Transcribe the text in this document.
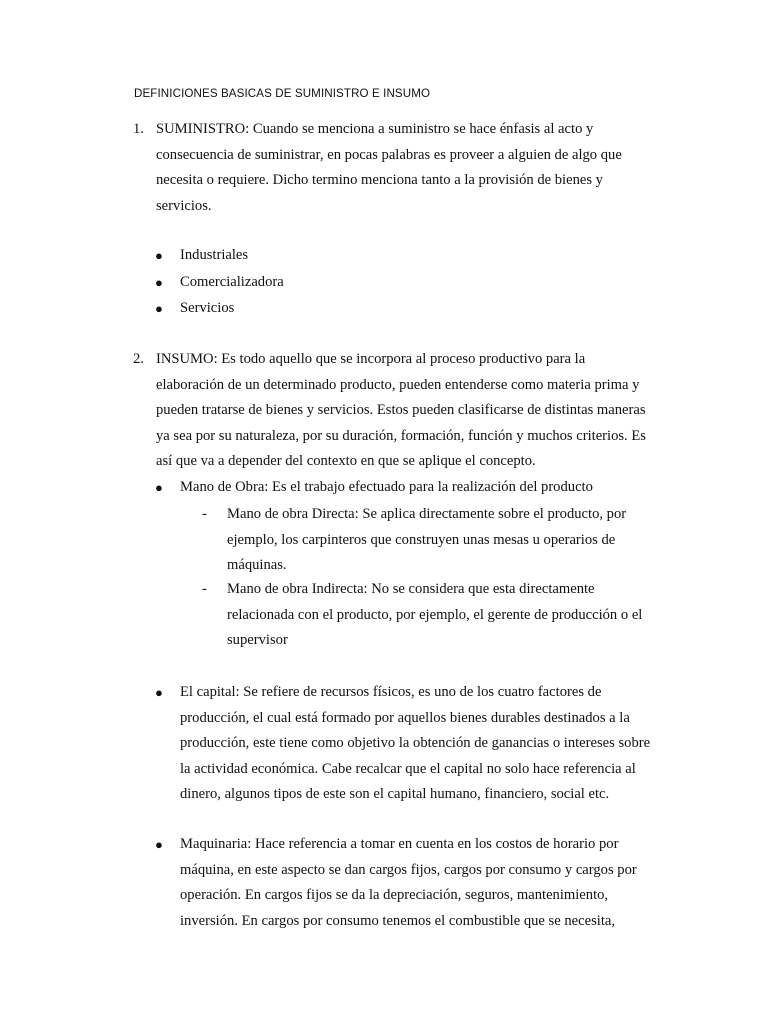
DEFINICIONES BASICAS DE SUMINISTRO E INSUMO
1. SUMINISTRO: Cuando se menciona a suministro se hace énfasis al acto y consecuencia de suministrar, en pocas palabras es proveer a alguien de algo que necesita o requiere. Dicho termino menciona tanto a la provisión de bienes y servicios.
● Industriales
● Comercializadora
● Servicios
2. INSUMO: Es todo aquello que se incorpora al proceso productivo para la elaboración de un determinado producto, pueden entenderse como materia prima y pueden tratarse de bienes y servicios. Estos pueden clasificarse de distintas maneras ya sea por su naturaleza, por su duración, formación, función y muchos criterios. Es así que va a depender del contexto en que se aplique el concepto.
● Mano de Obra: Es el trabajo efectuado para la realización del producto
- Mano de obra Directa: Se aplica directamente sobre el producto, por ejemplo, los carpinteros que construyen unas mesas u operarios de máquinas.
- Mano de obra Indirecta: No se considera que esta directamente relacionada con el producto, por ejemplo, el gerente de producción o el supervisor
● El capital: Se refiere de recursos físicos, es uno de los cuatro factores de producción, el cual está formado por aquellos bienes durables destinados a la producción, este tiene como objetivo la obtención de ganancias o intereses sobre la actividad económica. Cabe recalcar que el capital no solo hace referencia al dinero, algunos tipos de este son el capital humano, financiero, social etc.
● Maquinaria: Hace referencia a tomar en cuenta en los costos de horario por máquina, en este aspecto se dan cargos fijos, cargos por consumo y cargos por operación. En cargos fijos se da la depreciación, seguros, mantenimiento, inversión. En cargos por consumo tenemos el combustible que se necesita,
